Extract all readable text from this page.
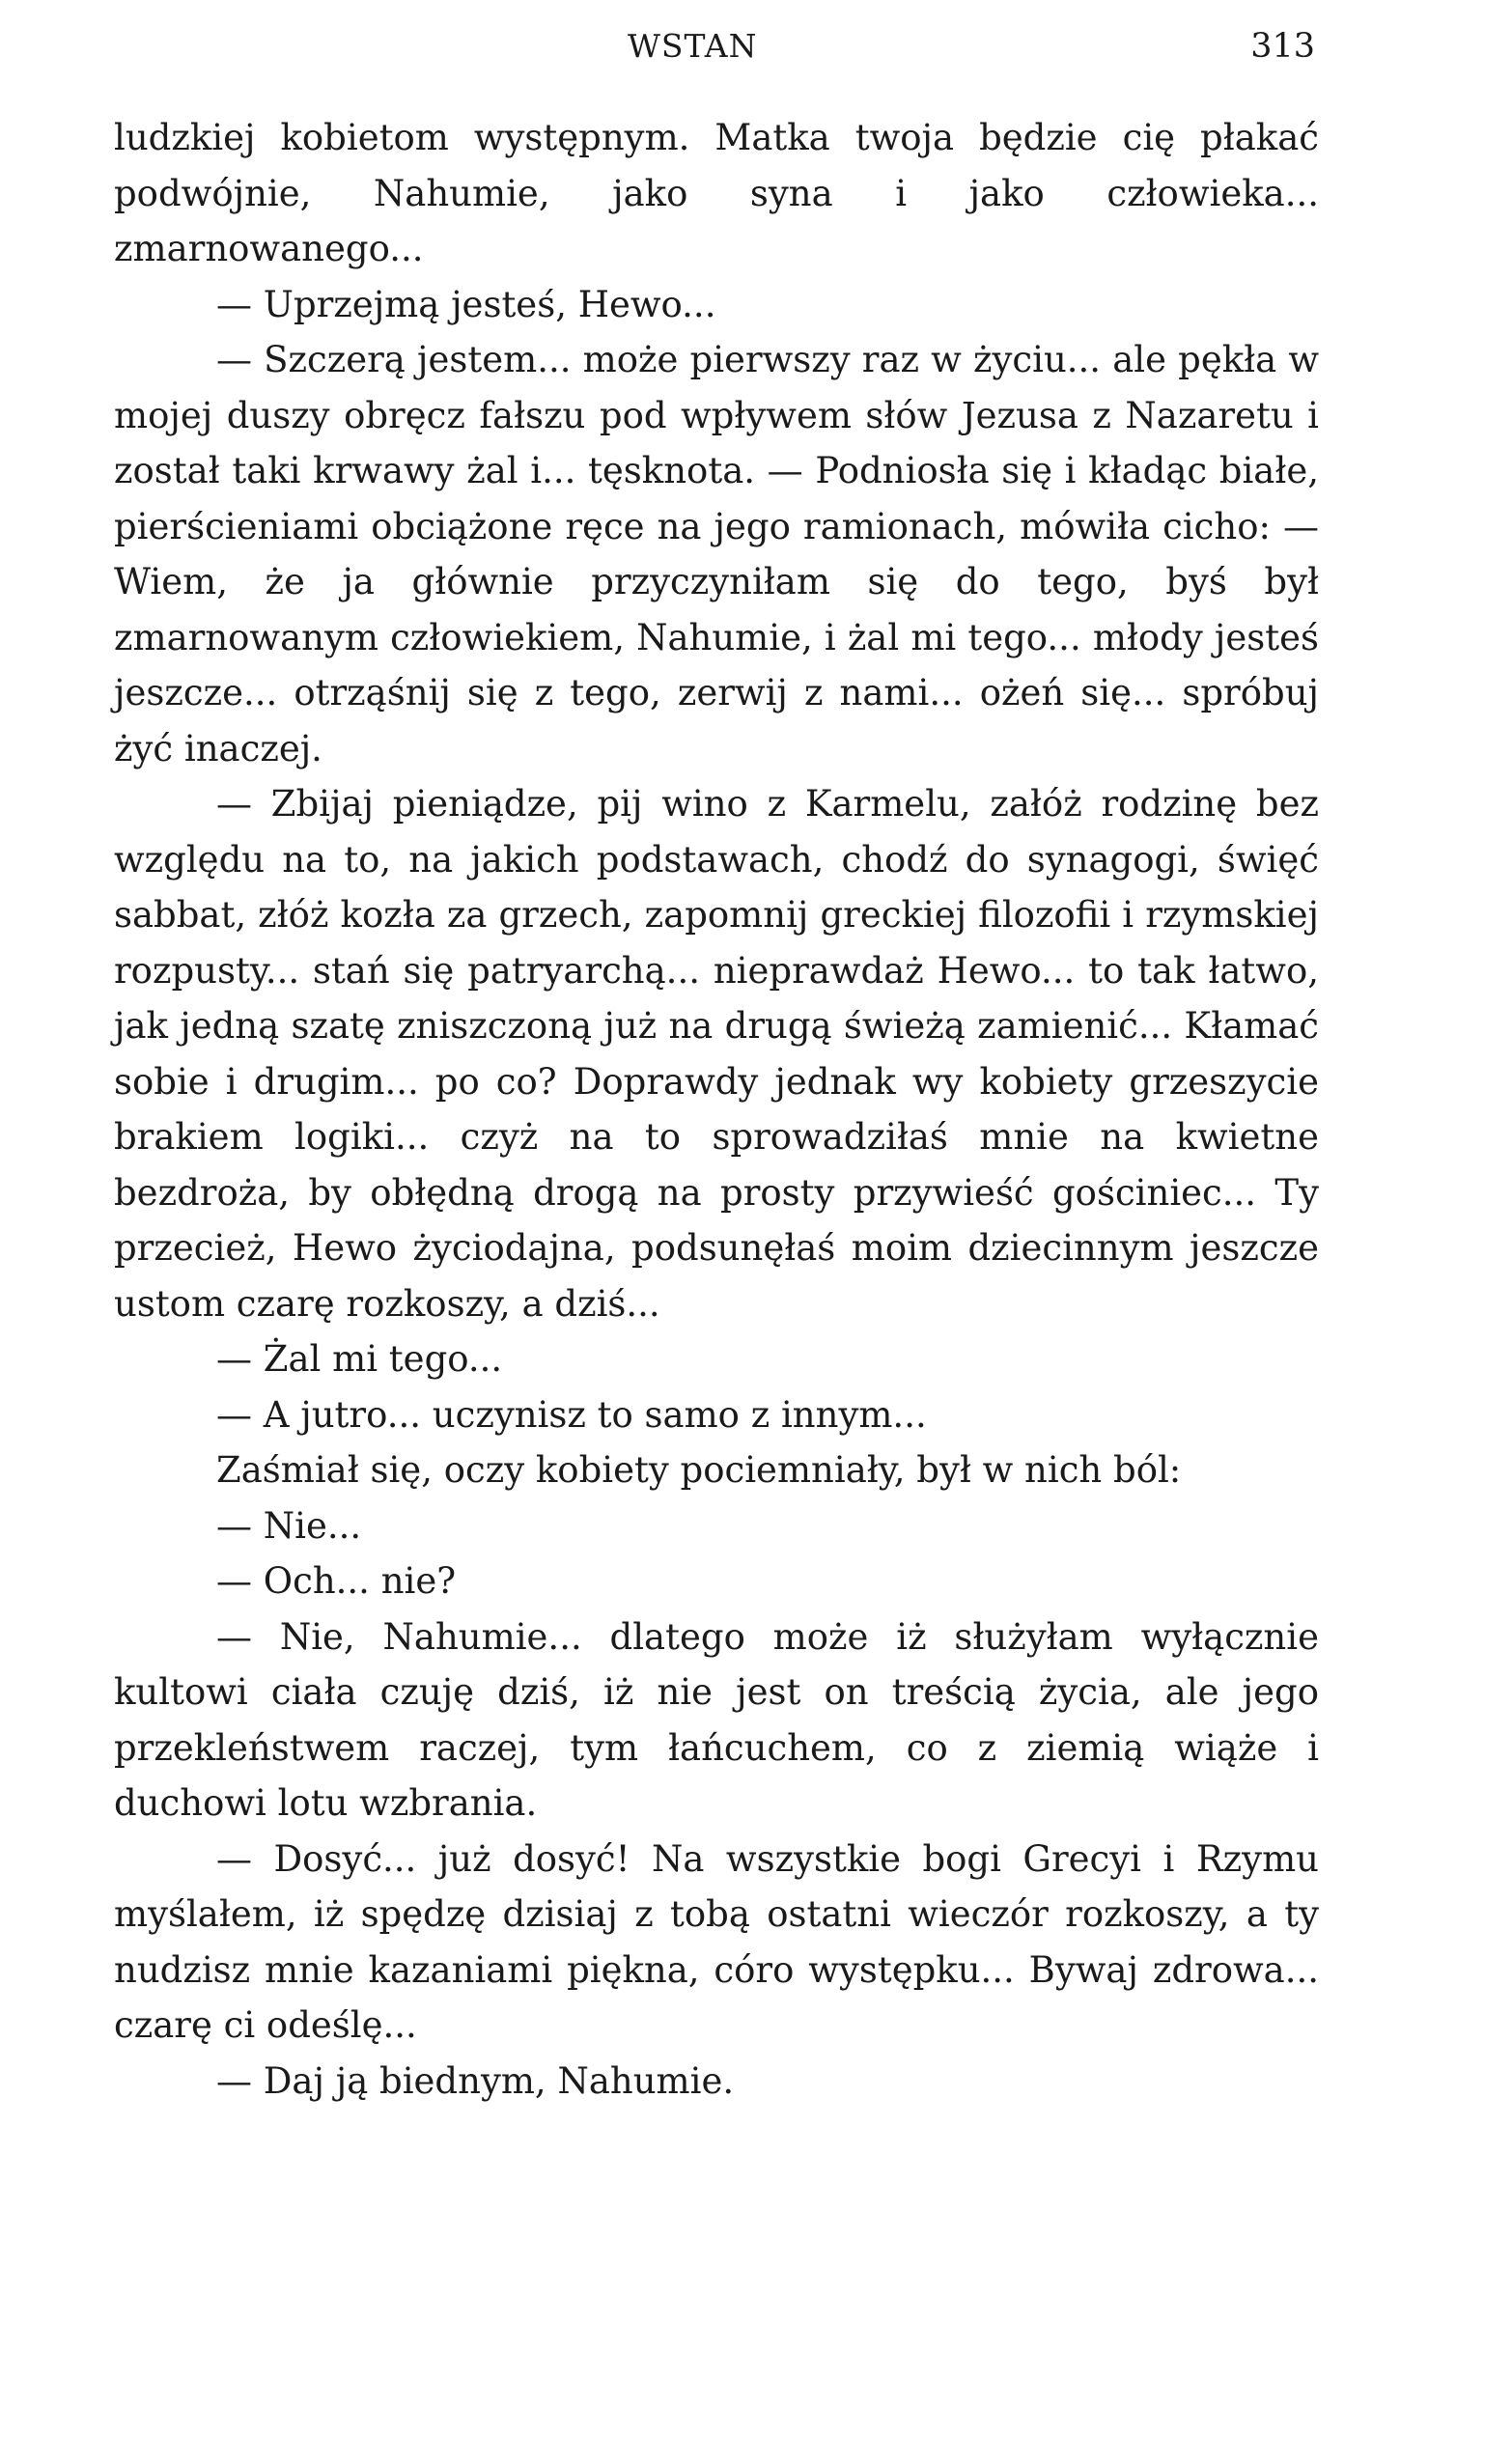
WSTAN	313

ludzkiej kobietom występnym. Matka twoja będzie cię płakać podwójnie, Nahumie, jako syna i jako człowieka... zmarnowanego...

— Uprzejmą jesteś, Hewo...

— Szczerą jestem... może pierwszy raz w życiu... ale pękła w mojej duszy obręcz fałszu pod wpływem słów Jezusa z Nazaretu i został taki krwawy żal i... tęsknota. — Podniosła się i kładąc białe, pierścieniami obciążone ręce na jego ramionach, mówiła cicho: — Wiem, że ja głównie przyczyniłam się do tego, byś był zmarnowanym człowiekiem, Nahumie, i żal mi tego... młody jesteś jeszcze... otrząśnij się z tego, zerwij z nami... ożeń się... spróbuj żyć inaczej.

— Zbijaj pieniądze, pij wino z Karmelu, załóż rodzinę bez względu na to, na jakich podstawach, chodź do synagogi, święć sabbat, złóż kozła za grzech, zapomnij greckiej filozofii i rzymskiej rozpusty... stań się patryarchą... nieprawdaż Hewo... to tak łatwo, jak jedną szatę zniszczoną już na drugą świeżą zamienić... Kłamać sobie i drugim... po co? Doprawdy jednak wy kobiety grzeszycie brakiem logiki... czyż na to sprowadziłaś mnie na kwietne bezdroża, by obłędną drogą na prosty przywieść gościniec... Ty przecież, Hewo życiodajna, podsunęłaś moim dziecinnym jeszcze ustom czarę rozkoszy, a dziś...

— Żal mi tego...

— A jutro... uczynisz to samo z innym...

Zaśmiał się, oczy kobiety pociemniały, był w nich ból:

— Nie...

— Och... nie?

— Nie, Nahumie... dlatego może iż służyłam wyłącznie kultowi ciała czuję dziś, iż nie jest on treścią życia, ale jego przekleństwem raczej, tym łańcuchem, co z ziemią wiąże i duchowi lotu wzbrania.

— Dosyć... już dosyć! Na wszystkie bogi Grecyi i Rzymu myślałem, iż spędzę dzisiaj z tobą ostatni wieczór rozkoszy, a ty nudzisz mnie kazaniami piękna, córo występku... Bywaj zdrowa... czarę ci odeślę...

— Daj ją biednym, Nahumie.
